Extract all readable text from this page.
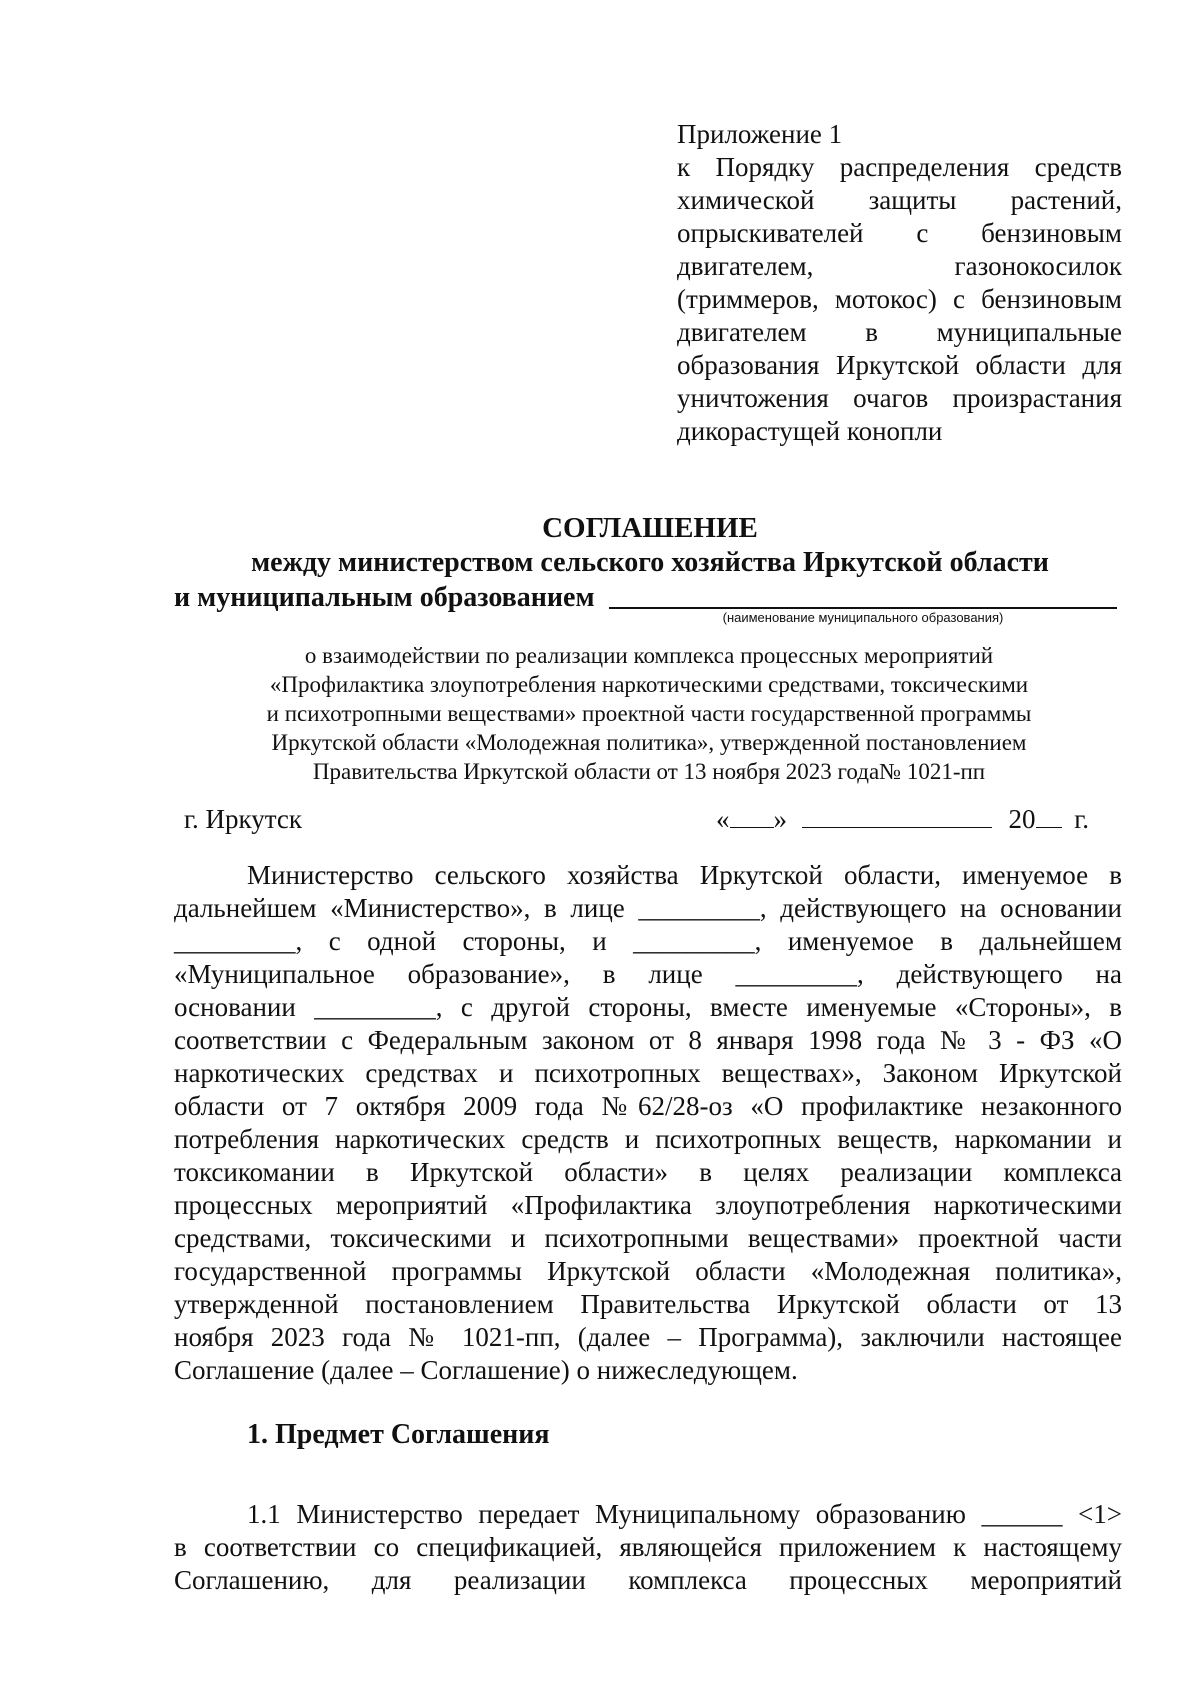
Приложение 1
к Порядку распределения средств
химической защиты растений,
опрыскивателей с бензиновым
двигателем, газонокосилок
(триммеров, мотокос) с бензиновым
двигателем в муниципальные
образования Иркутской области для
уничтожения очагов произрастания
дикорастущей конопли
СОГЛАШЕНИЕ
между министерством сельского хозяйства Иркутской области
и муниципальным образованием
(наименование муниципального образования)
о взаимодействии по реализации комплекса процессных мероприятий
«Профилактика злоупотребления наркотическими средствами, токсическими
и психотропными веществами» проектной части государственной программы
Иркутской области «Молодежная политика», утвержденной постановлением
Правительства Иркутской области от 13 ноября 2023 года№ 1021-пп
г. Иркутск	« »	20 г.
Министерство сельского хозяйства Иркутской области, именуемое в
дальнейшем «Министерство», в лице _________, действующего на основании
_________, с одной стороны, и _________, именуемое в дальнейшем
«Муниципальное образование», в лице _________, действующего на
основании _________, с другой стороны, вместе именуемые «Стороны», в
соответствии с Федеральным законом от 8 января 1998 года № 3 - ФЗ «О
наркотических средствах и психотропных веществах», Законом Иркутской
области от 7 октября 2009 года №62/28-оз «О профилактике незаконного
потребления наркотических средств и психотропных веществ, наркомании и
токсикомании в Иркутской области» в целях реализации комплекса
процессных мероприятий «Профилактика злоупотребления наркотическими
средствами, токсическими и психотропными веществами» проектной части
государственной программы Иркутской области «Молодежная политика»,
утвержденной постановлением Правительства Иркутской области от 13
ноября 2023 года № 1021-пп, (далее – Программа), заключили настоящее
Соглашение (далее – Соглашение) о нижеследующем.
1. Предмет Соглашения
1.1 Министерство передает Муниципальному образованию ______ <1>
в соответствии со спецификацией, являющейся приложением к настоящему
Соглашению, для реализации комплекса процессных мероприятий
